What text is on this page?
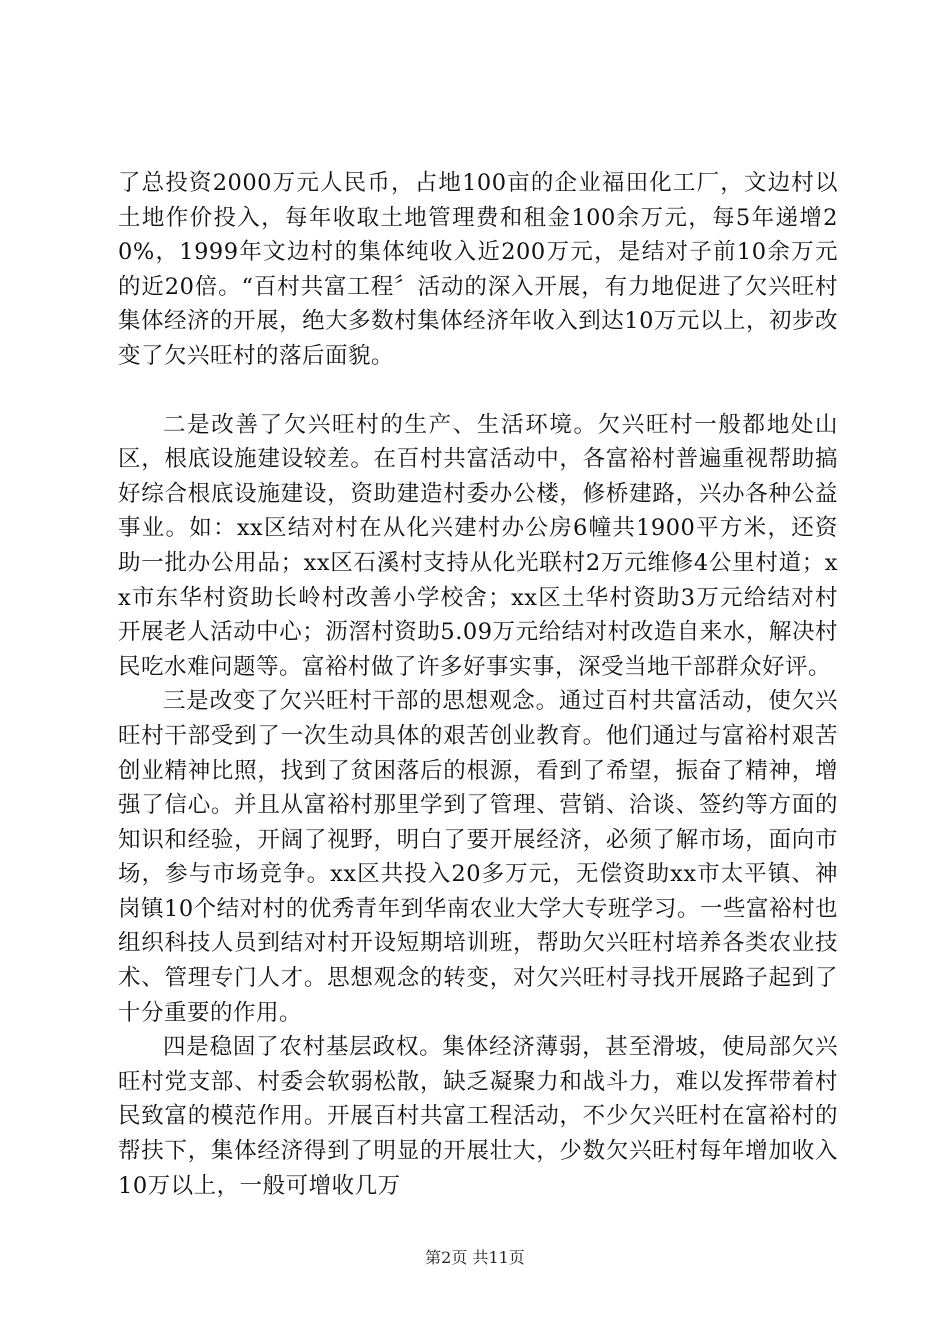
了总投资2000万元人民币，占地100亩的企业福田化工厂，文边村以土地作价投入，每年收取土地管理费和租金100余万元，每5年递增20%，1999年文边村的集体纯收入近200万元，是结对子前10余万元的近20倍。“百村共富工程〞活动的深入开展，有力地促进了欠兴旺村集体经济的开展，绝大多数村集体经济年收入到达10万元以上，初步改变了欠兴旺村的落后面貌。

二是改善了欠兴旺村的生产、生活环境。欠兴旺村一般都地处山区，根底设施建设较差。在百村共富活动中，各富裕村普遍重视帮助搞好综合根底设施建设，资助建造村委办公楼，修桥建路，兴办各种公益事业。如：xx区结对村在从化兴建村办公房6幢共1900平方米，还资助一批办公用品；xx区石溪村支持从化光联村2万元维修4公里村道；xx市东华村资助长岭村改善小学校舍；xx区土华村资助3万元给结对村开展老人活动中心；沥滘村资助5.09万元给结对村改造自来水，解决村民吃水难问题等。富裕村做了许多好事实事，深受当地干部群众好评。

三是改变了欠兴旺村干部的思想观念。通过百村共富活动，使欠兴旺村干部受到了一次生动具体的艰苦创业教育。他们通过与富裕村艰苦创业精神比照，找到了贫困落后的根源，看到了希望，振奋了精神，增强了信心。并且从富裕村那里学到了管理、营销、洽谈、签约等方面的知识和经验，开阔了视野，明白了要开展经济，必须了解市场，面向市场，参与市场竞争。xx区共投入20多万元，无偿资助xx市太平镇、神岗镇10个结对村的优秀青年到华南农业大学大专班学习。一些富裕村也组织科技人员到结对村开设短期培训班，帮助欠兴旺村培养各类农业技术、管理专门人才。思想观念的转变，对欠兴旺村寻找开展路子起到了十分重要的作用。

四是稳固了农村基层政权。集体经济薄弱，甚至滑坡，使局部欠兴旺村党支部、村委会软弱松散，缺乏凝聚力和战斗力，难以发挥带着村民致富的模范作用。开展百村共富工程活动，不少欠兴旺村在富裕村的帮扶下，集体经济得到了明显的开展壮大，少数欠兴旺村每年增加收入10万以上，一般可增收几万

第2页 共11页
